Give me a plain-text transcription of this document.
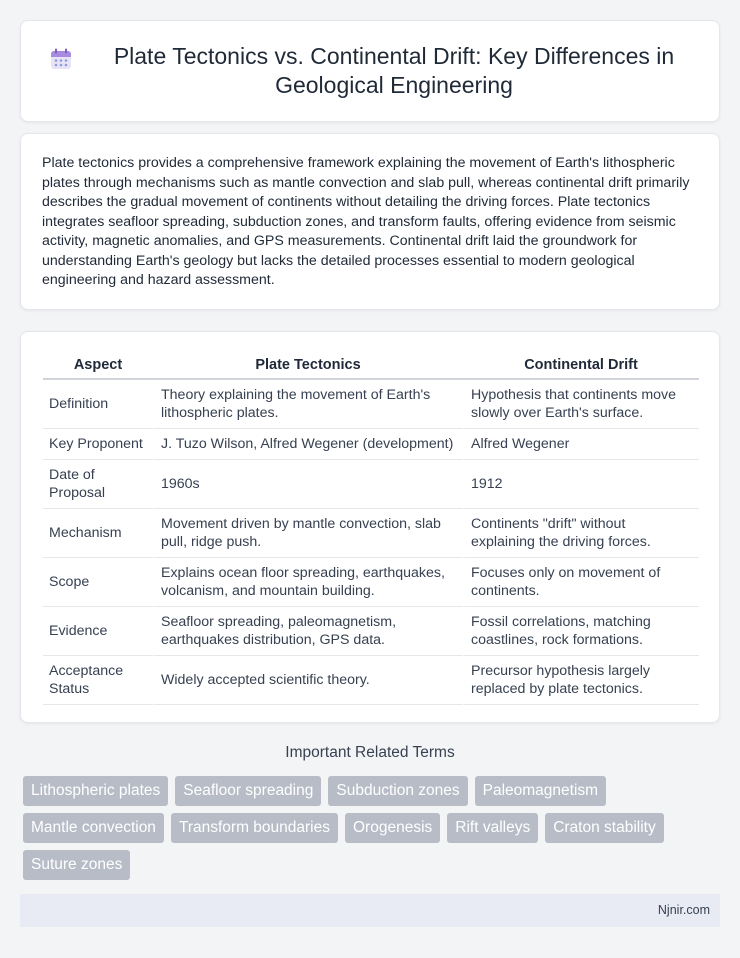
Plate Tectonics vs. Continental Drift: Key Differences in Geological Engineering

Plate tectonics provides a comprehensive framework explaining the movement of Earth's lithospheric plates through mechanisms such as mantle convection and slab pull, whereas continental drift primarily describes the gradual movement of continents without detailing the driving forces. Plate tectonics integrates seafloor spreading, subduction zones, and transform faults, offering evidence from seismic activity, magnetic anomalies, and GPS measurements. Continental drift laid the groundwork for understanding Earth's geology but lacks the detailed processes essential to modern geological engineering and hazard assessment.

Aspect	Plate Tectonics	Continental Drift
Definition	Theory explaining the movement of Earth's lithospheric plates.	Hypothesis that continents move slowly over Earth's surface.
Key Proponent	J. Tuzo Wilson, Alfred Wegener (development)	Alfred Wegener
Date of Proposal	1960s	1912
Mechanism	Movement driven by mantle convection, slab pull, ridge push.	Continents "drift" without explaining the driving forces.
Scope	Explains ocean floor spreading, earthquakes, volcanism, and mountain building.	Focuses only on movement of continents.
Evidence	Seafloor spreading, paleomagnetism, earthquakes distribution, GPS data.	Fossil correlations, matching coastlines, rock formations.
Acceptance Status	Widely accepted scientific theory.	Precursor hypothesis largely replaced by plate tectonics.
Important Related Terms
Lithospheric plates	Seafloor spreading	Subduction zones	Paleomagnetism
Mantle convection	Transform boundaries	Orogenesis	Rift valleys	Craton stability
Suture zones
Njnir.com
